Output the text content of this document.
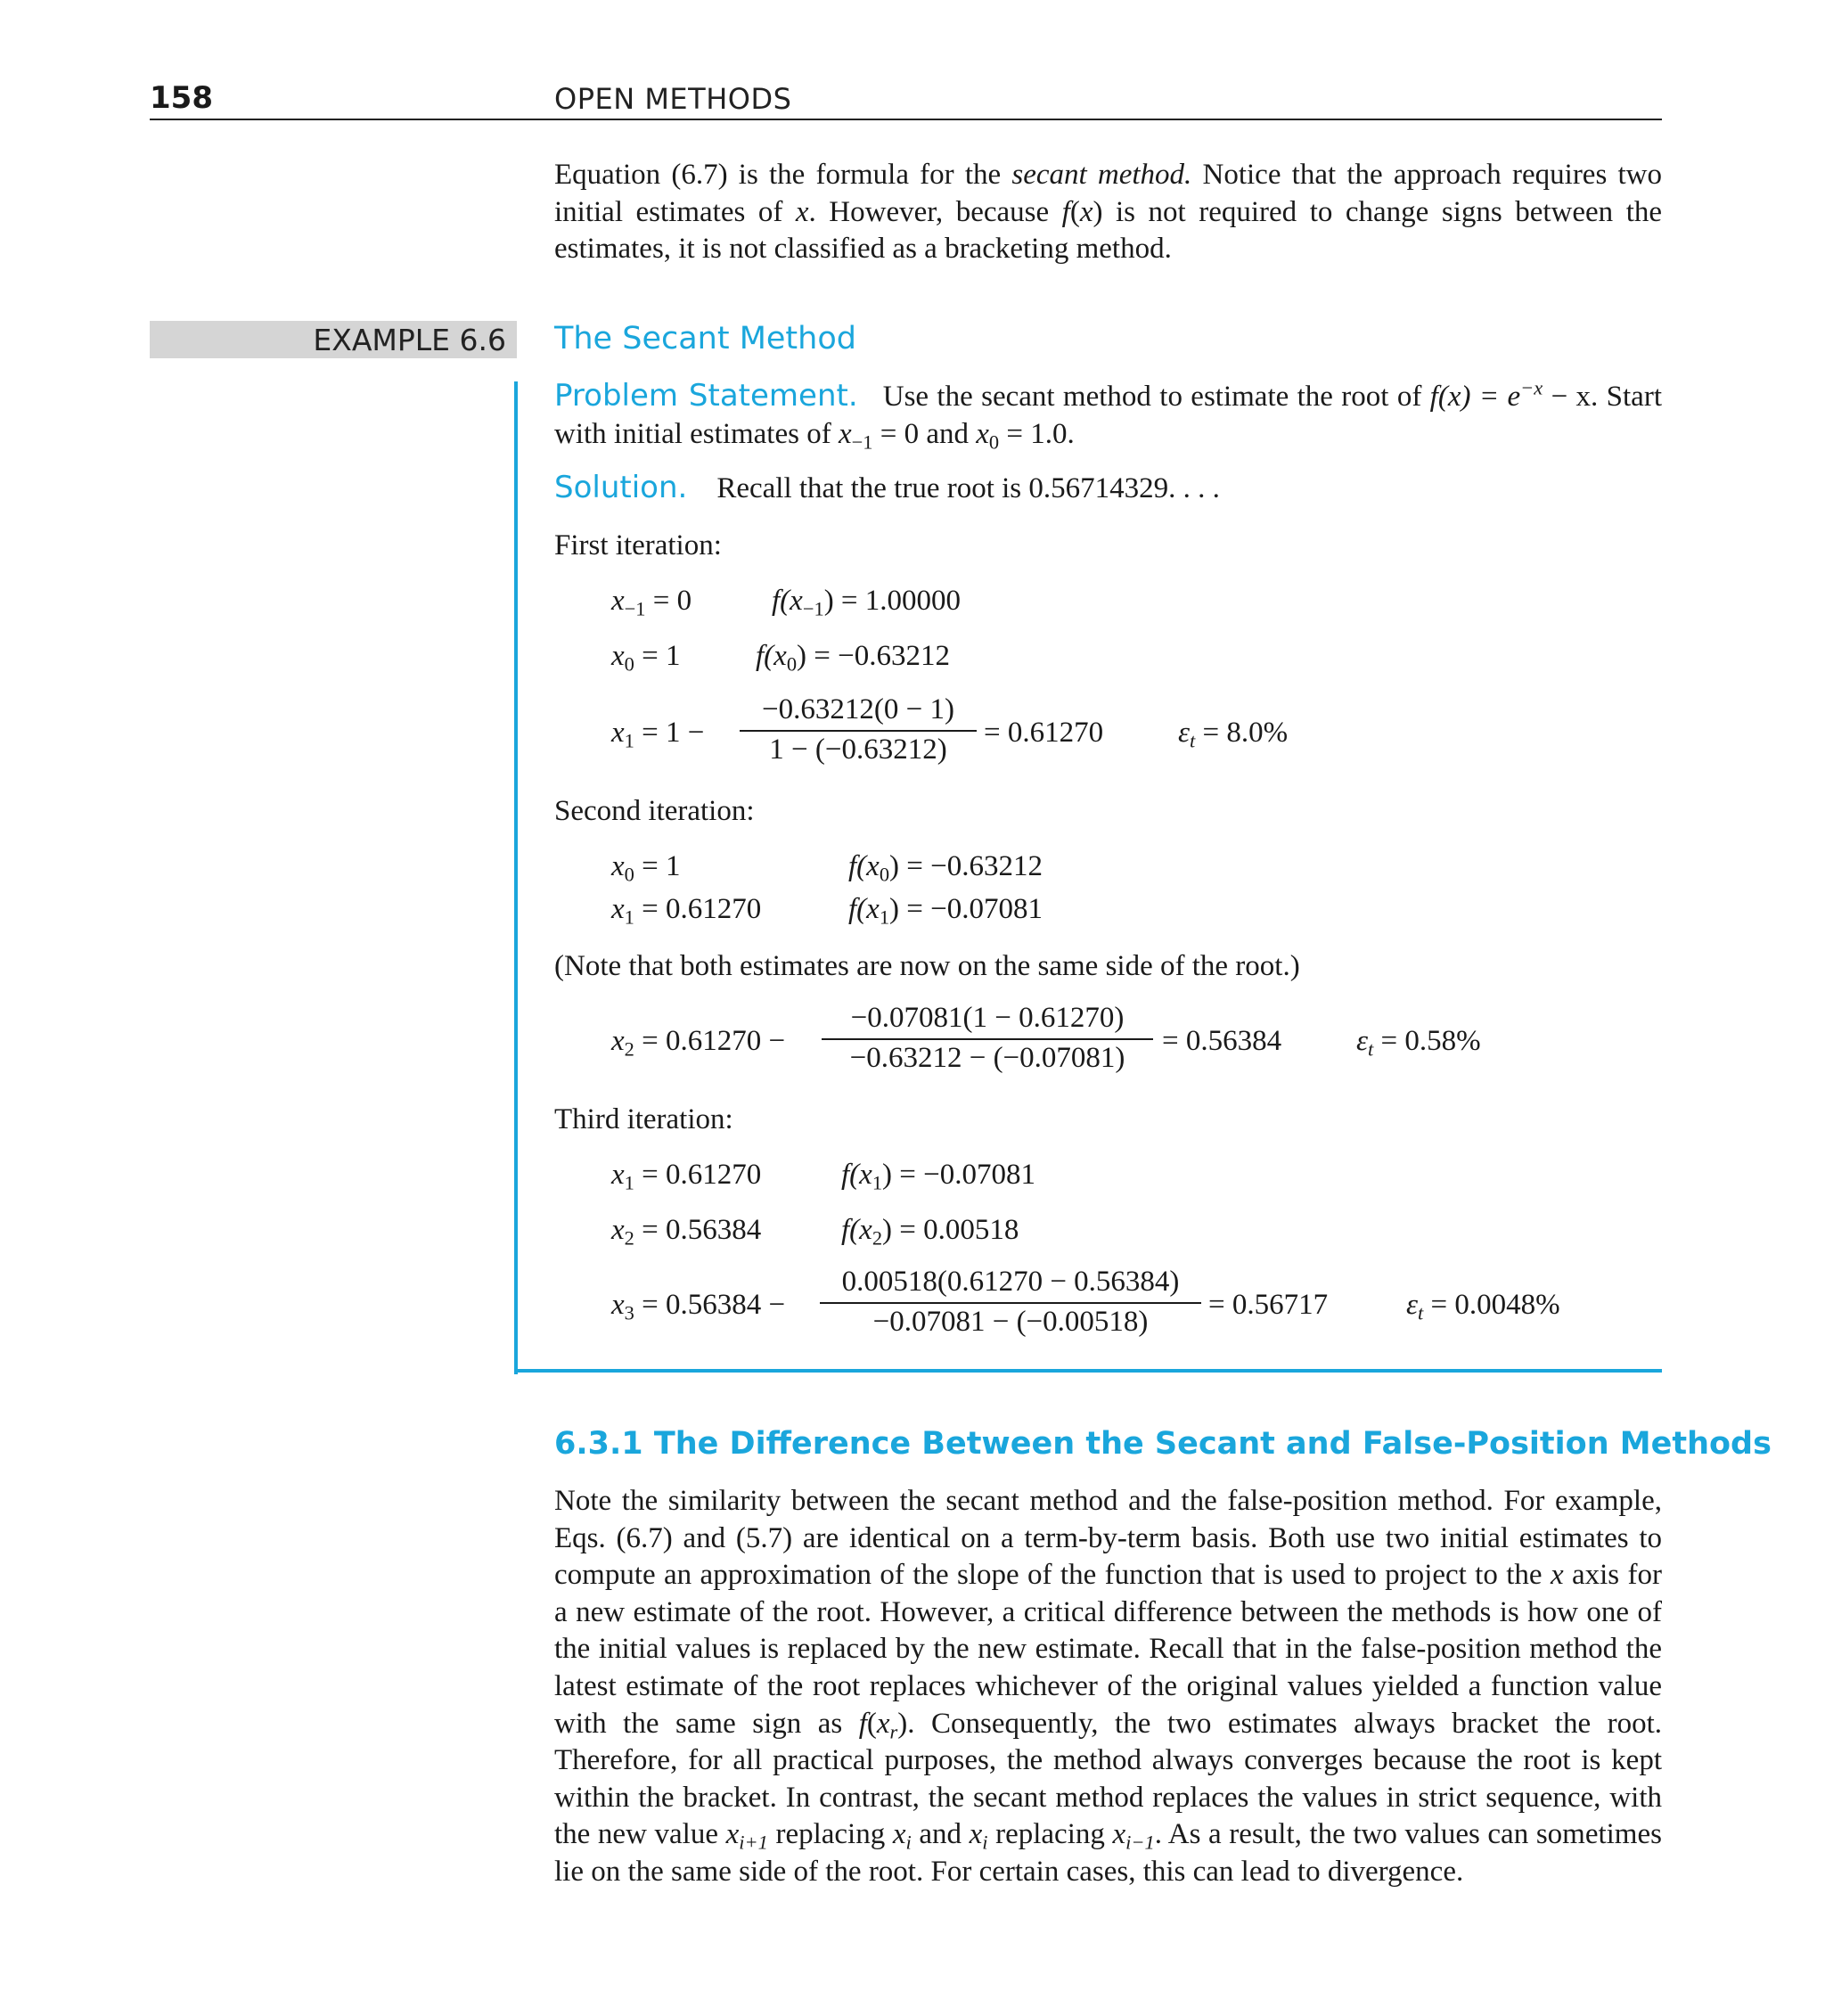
158	OPEN METHODS
Equation (6.7) is the formula for the secant method. Notice that the approach requires two initial estimates of x. However, because f(x) is not required to change signs between the estimates, it is not classified as a bracketing method.
EXAMPLE 6.6 The Secant Method
Problem Statement. Use the secant method to estimate the root of $f(x) = e^{-x} - x$. Start with initial estimates of $x_{-1} = 0$ and $x_0 = 1.0$.
Solution. Recall that the true root is 0.56714329. . . .
First iteration:
$x_{-1} = 0$	$f(x_{-1}) = 1.00000$
$x_0 = 1$	$f(x_0) = -0.63212$
$x_1 = 1$ −
−0.63212(0 − 1)
1 − (−0.63212)
= 0.61270	$\varepsilon_t = 8.0\%$
Second iteration:
$x_0 = 1$	$f(x_0) = -0.63212$
$x_1 = 0.61270$	$f(x_1) = -0.07081$
(Note that both estimates are now on the same side of the root.)
$x_2 = 0.61270$ −
−0.07081(1 − 0.61270)
−0.63212 − (−0.07081)
= 0.56384	$\varepsilon_t = 0.58\%$
Third iteration:
$x_1 = 0.61270$	$f(x_1) = -0.07081$
$x_2 = 0.56384$	$f(x_2) = 0.00518$
$x_3 = 0.56384$ −
0.00518(0.61270 − 0.56384)
−0.07081 − (−0.00518)
= 0.56717	$\varepsilon_t = 0.0048\%$
6.3.1 The Difference Between the Secant and False-Position Methods
Note the similarity between the secant method and the false-position method. For example, Eqs. (6.7) and (5.7) are identical on a term-by-term basis. Both use two initial estimates to compute an approximation of the slope of the function that is used to project to the x axis for a new estimate of the root. However, a critical difference between the methods is how one of the initial values is replaced by the new estimate. Recall that in the false-position method the latest estimate of the root replaces whichever of the original values yielded a function value with the same sign as $f(x_r)$. Consequently, the two estimates always bracket the root. Therefore, for all practical purposes, the method always converges because the root is kept within the bracket. In contrast, the secant method replaces the values in strict sequence, with the new value $x_{i+1}$ replacing $x_i$ and $x_i$ replacing $x_{i-1}$. As a result, the two values can sometimes lie on the same side of the root. For certain cases, this can lead to divergence.
